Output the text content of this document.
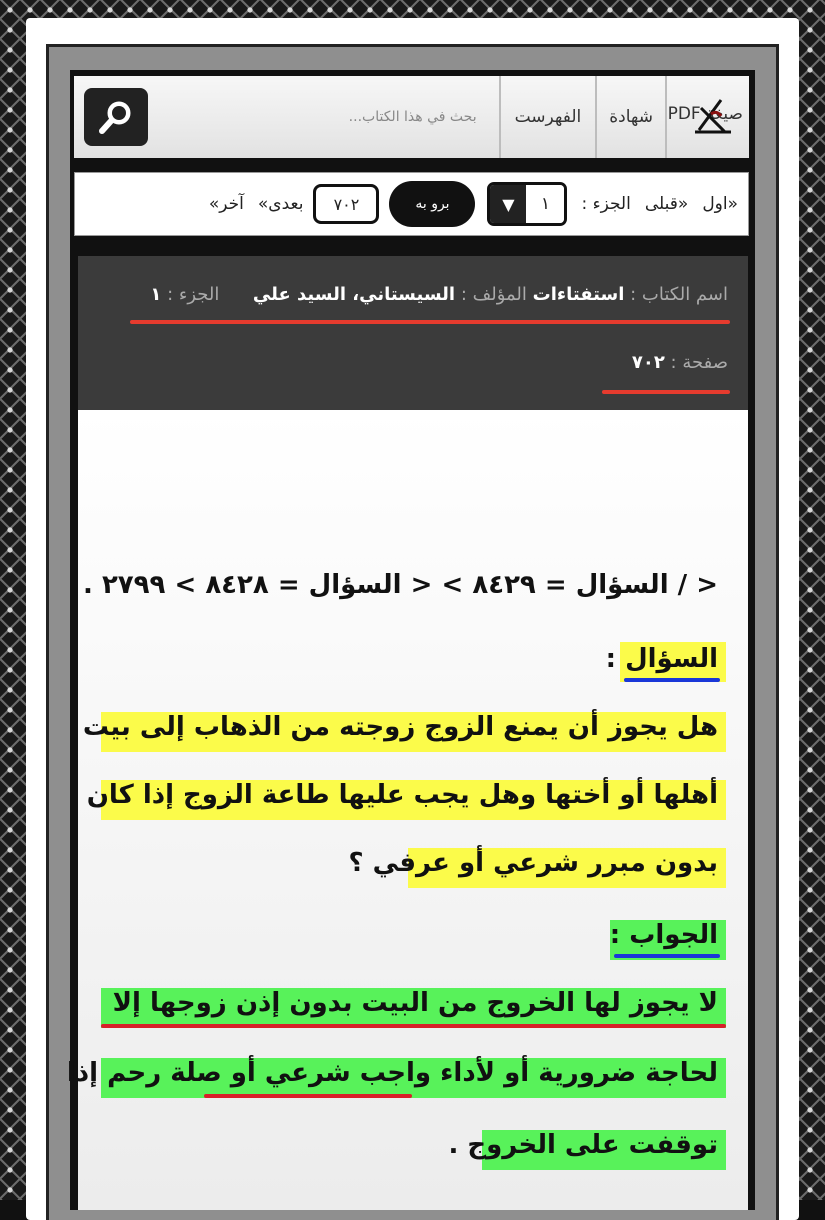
صيغة PDF
شهادة
الفهرست
بحث في هذا الكتاب...
«اول
«قبلی
الجزء :
▼	١
برو به
٧٠٢
بعدی»
آخر»
اسم الكتاب : استفتاءات المؤلف : السيستاني، السيد علي  الجزء : ١
صفحة : ٧٠٢
< / السؤال = ٨٤٢٩ > < السؤال = ٨٤٢٨ > ٢٧٩٩ .
السؤال :
هل يجوز أن يمنع الزوج زوجته من الذهاب إلى بيت
أهلها أو أختها وهل يجب عليها طاعة الزوج إذا كان
بدون مبرر شرعي أو عرفي ؟
الجواب :
لا يجوز لها الخروج من البيت بدون إذن زوجها إلا
لحاجة ضرورية أو لأداء واجب شرعي أو صلة رحم إذا
توقفت على الخروج .
